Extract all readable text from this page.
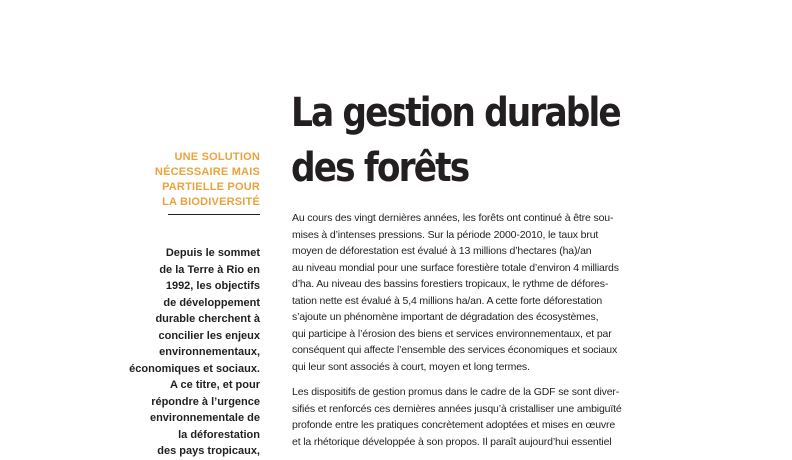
La gestion durable
des forêts
UNE SOLUTION
NÉCESSAIRE MAIS
PARTIELLE POUR
LA BIODIVERSITÉ
Depuis le sommet
de la Terre à Rio en
1992, les objectifs
de développement
durable cherchent à
concilier les enjeux
environnementaux,
économiques et sociaux.
A ce titre, et pour
répondre à l’urgence
environnementale de
la déforestation
des pays tropicaux,

Au cours des vingt dernières années, les forêts ont continué à être sou-
mises à d’intenses pressions. Sur la période 2000-2010, le taux brut
moyen de déforestation est évalué à 13 millions d’hectares (ha)/an
au niveau mondial pour une surface forestière totale d’environ 4 milliards
d’ha. Au niveau des bassins forestiers tropicaux, le rythme de défores-
tation nette est évalué à 5,4 millions ha/an. A cette forte déforestation
s’ajoute un phénomène important de dégradation des écosystèmes,
qui participe à l’érosion des biens et services environnementaux, et par
conséquent qui affecte l’ensemble des services économiques et sociaux
qui leur sont associés à court, moyen et long termes.

Les dispositifs de gestion promus dans le cadre de la GDF se sont diver-
sifiés et renforcés ces dernières années jusqu’à cristalliser une ambiguïté
profonde entre les pratiques concrètement adoptées et mises en œuvre
et la rhétorique développée à son propos. Il paraît aujourd’hui essentiel
